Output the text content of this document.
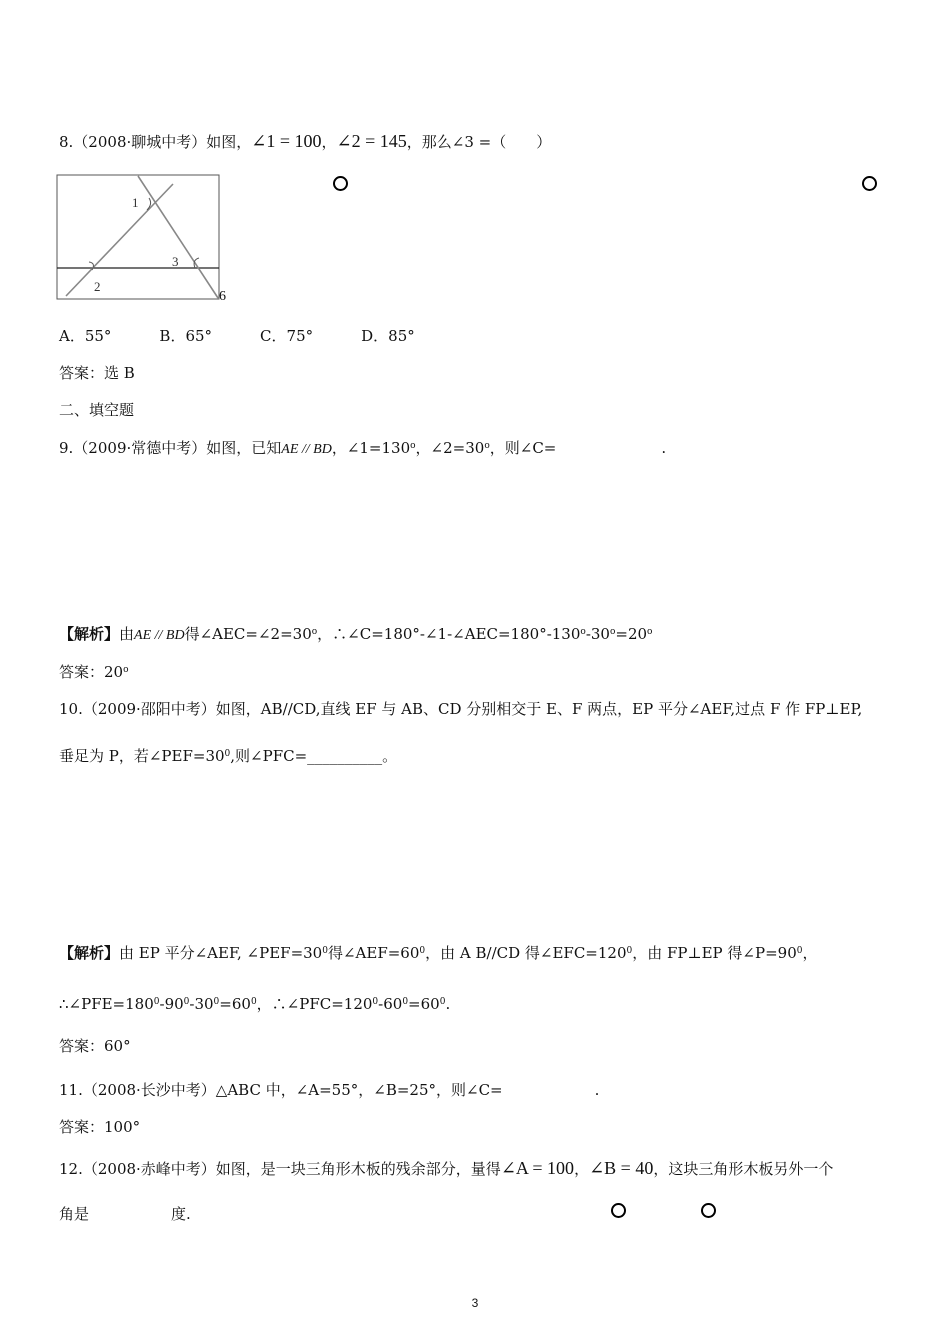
8.（2008·聊城中考）如图，∠1 = 100，∠2 = 145，那么∠3 =（　　）
1
2
3
6
A．55°	B．65°	C．75°	D．85°
答案：选 B
二、填空题
9.（2009·常德中考）如图，已知AE // BD，$\angle 1=130^o$，$\angle 2=30^o$，则∠C=	.
【解析】由AE // BD得$\angle AEC=\angle 2=30^o$，$\therefore\angle C=180^\circ-\angle 1-\angle AEC=180^\circ-130^o-30^o=20^o$
答案：20$^o$
10.（2009·邵阳中考）如图，AB//CD,直线 EF 与 AB、CD 分别相交于 E、F 两点，EP 平分∠AEF,过点 F 作 FP⊥EP,
垂足为 P，若$\angle PEF=30^0$,则∠PFC=__________。
【解析】由 EP 平分∠AEF, $\angle PEF=30^0$得$\angle AEF=60^0$，由 A B//CD 得$\angle EFC=120^0$，由 FP⊥EP 得$\angle P=90^0$，
$\therefore\angle PFE=180^0-90^0-30^0=60^0$，$\therefore\angle PFC=120^0-60^0=60^0$.
答案：60°
11.（2008·长沙中考）△ABC 中，∠A=55°，∠B=25°，则∠C=	.
答案：100°
12.（2008·赤峰中考）如图，是一块三角形木板的残余部分，量得∠A = 100，∠B = 40，这块三角形木板另外一个
角是	度.
3
